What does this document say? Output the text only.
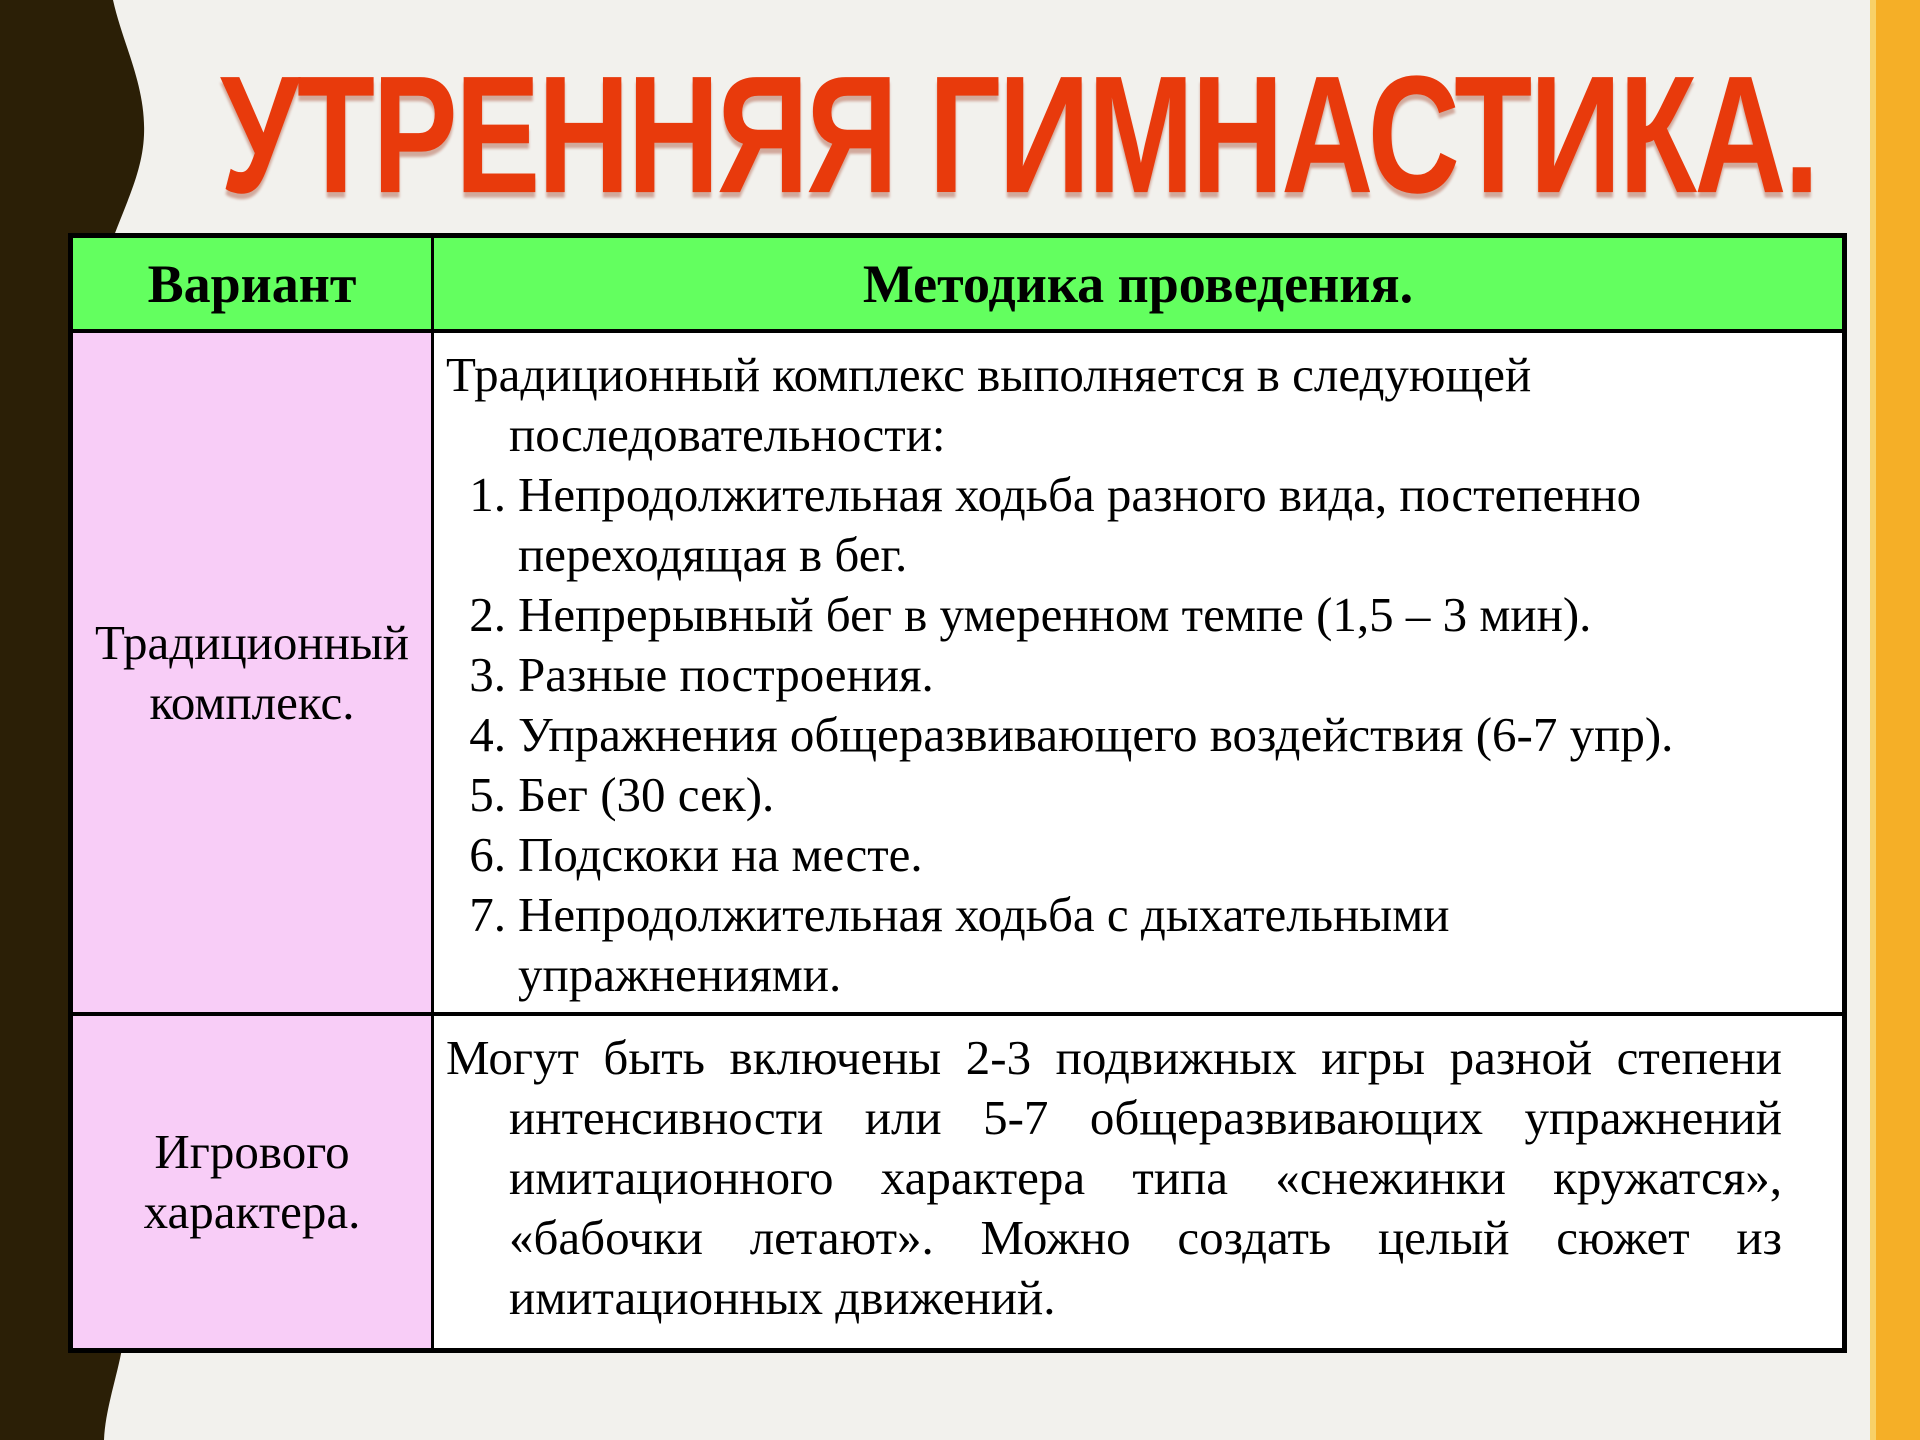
УТРЕННЯЯ ГИМНАСТИКА.
Вариант	Методика проведения.
Традиционный комплекс.
Традиционный комплекс выполняется в следующей последовательности:
1. Непродолжительная ходьба разного вида, постепенно переходящая в бег.
2. Непрерывный бег в умеренном темпе (1,5 – 3 мин).
3. Разные построения.
4. Упражнения общеразвивающего воздействия (6-7 упр).
5. Бег (30 сек).
6. Подскоки на месте.
7. Непродолжительная ходьба с дыхательными упражнениями.
Игрового характера.
Могут быть включены 2-3 подвижных игры разной степени интенсивности или 5-7 общеразвивающих упражнений имитационного характера типа «снежинки кружатся», «бабочки летают». Можно создать целый сюжет из имитационных движений.
